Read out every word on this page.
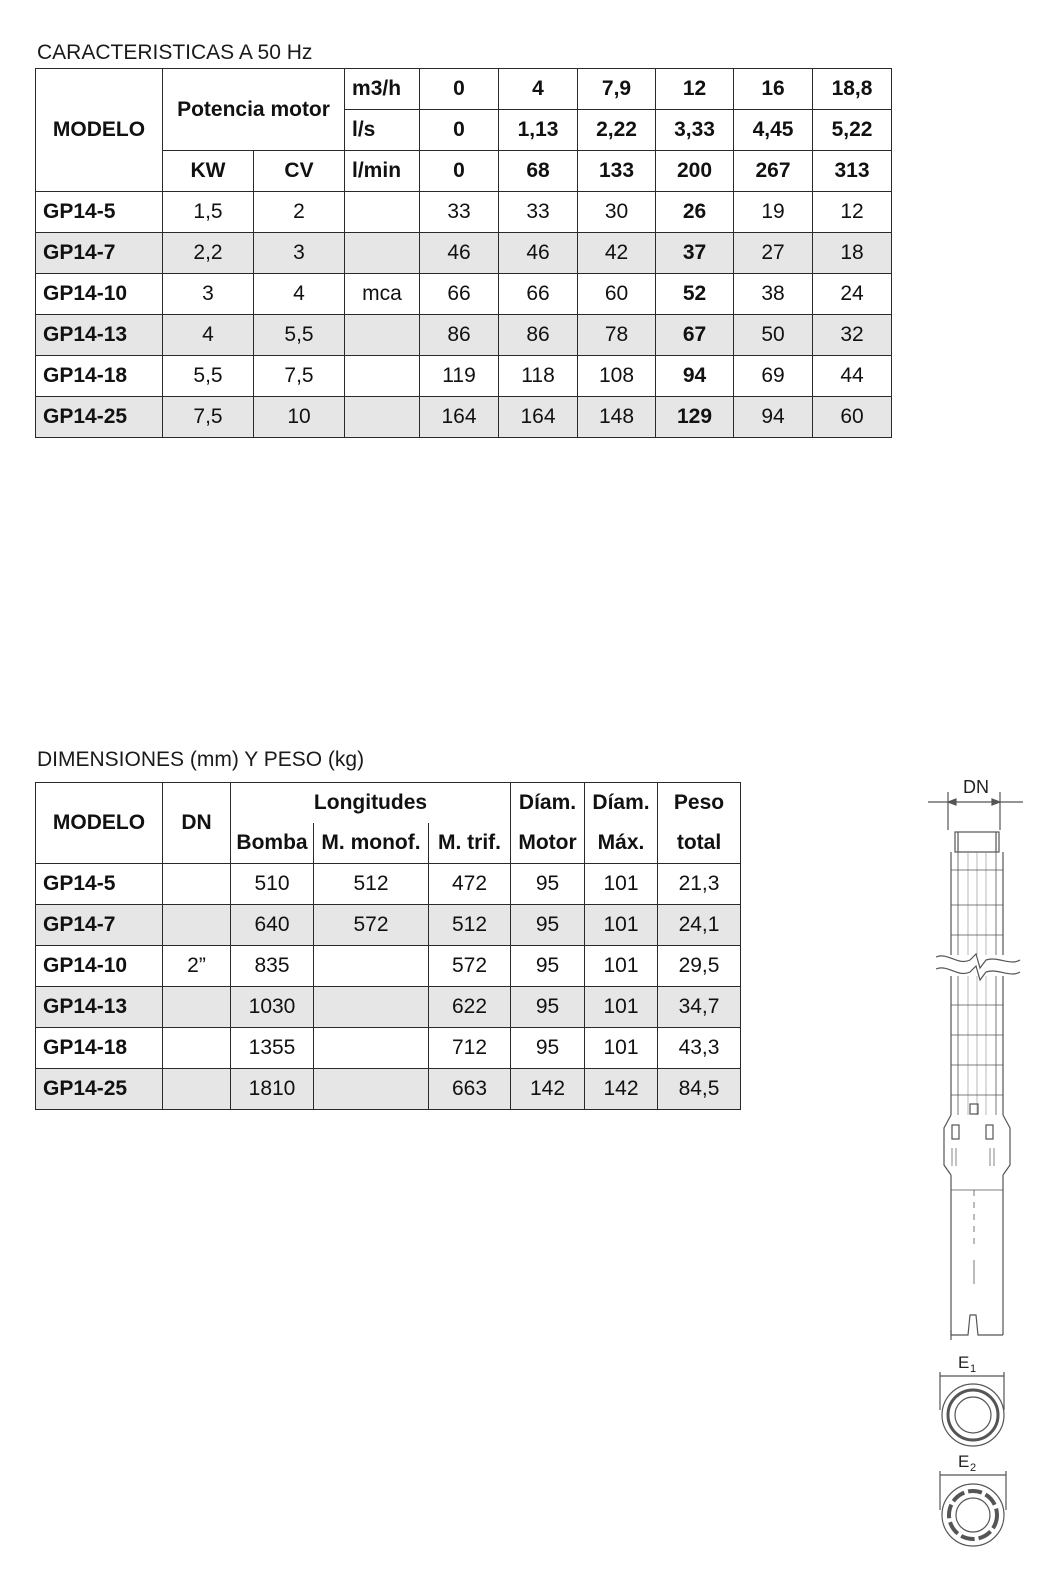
CARACTERISTICAS A 50 Hz
MODELO	Potencia motor		m3/h	0	4	7,9	12	16	18,8
			l/s	0	1,13	2,22	3,33	4,45	5,22
	KW	CV	l/min	0	68	133	200	267	313
GP14-5	1,5	2		33	33	30	26	19	12
GP14-7	2,2	3		46	46	42	37	27	18
GP14-10	3	4	mca	66	66	60	52	38	24
GP14-13	4	5,5		86	86	78	67	50	32
GP14-18	5,5	7,5		119	118	108	94	69	44
GP14-25	7,5	10		164	164	148	129	94	60
DIMENSIONES (mm) Y PESO (kg)
MODELO	DN	Longitudes			Díam.	Díam.	Peso
		Bomba	M. monof.	M. trif.	Motor	Máx.	total
GP14-5		510	512	472	95	101	21,3
GP14-7		640	572	512	95	101	24,1
GP14-10	2”	835		572	95	101	29,5
GP14-13		1030		622	95	101	34,7
GP14-18		1355		712	95	101	43,3
GP14-25		1810		663	142	142	84,5
DN
E 1
E 2
